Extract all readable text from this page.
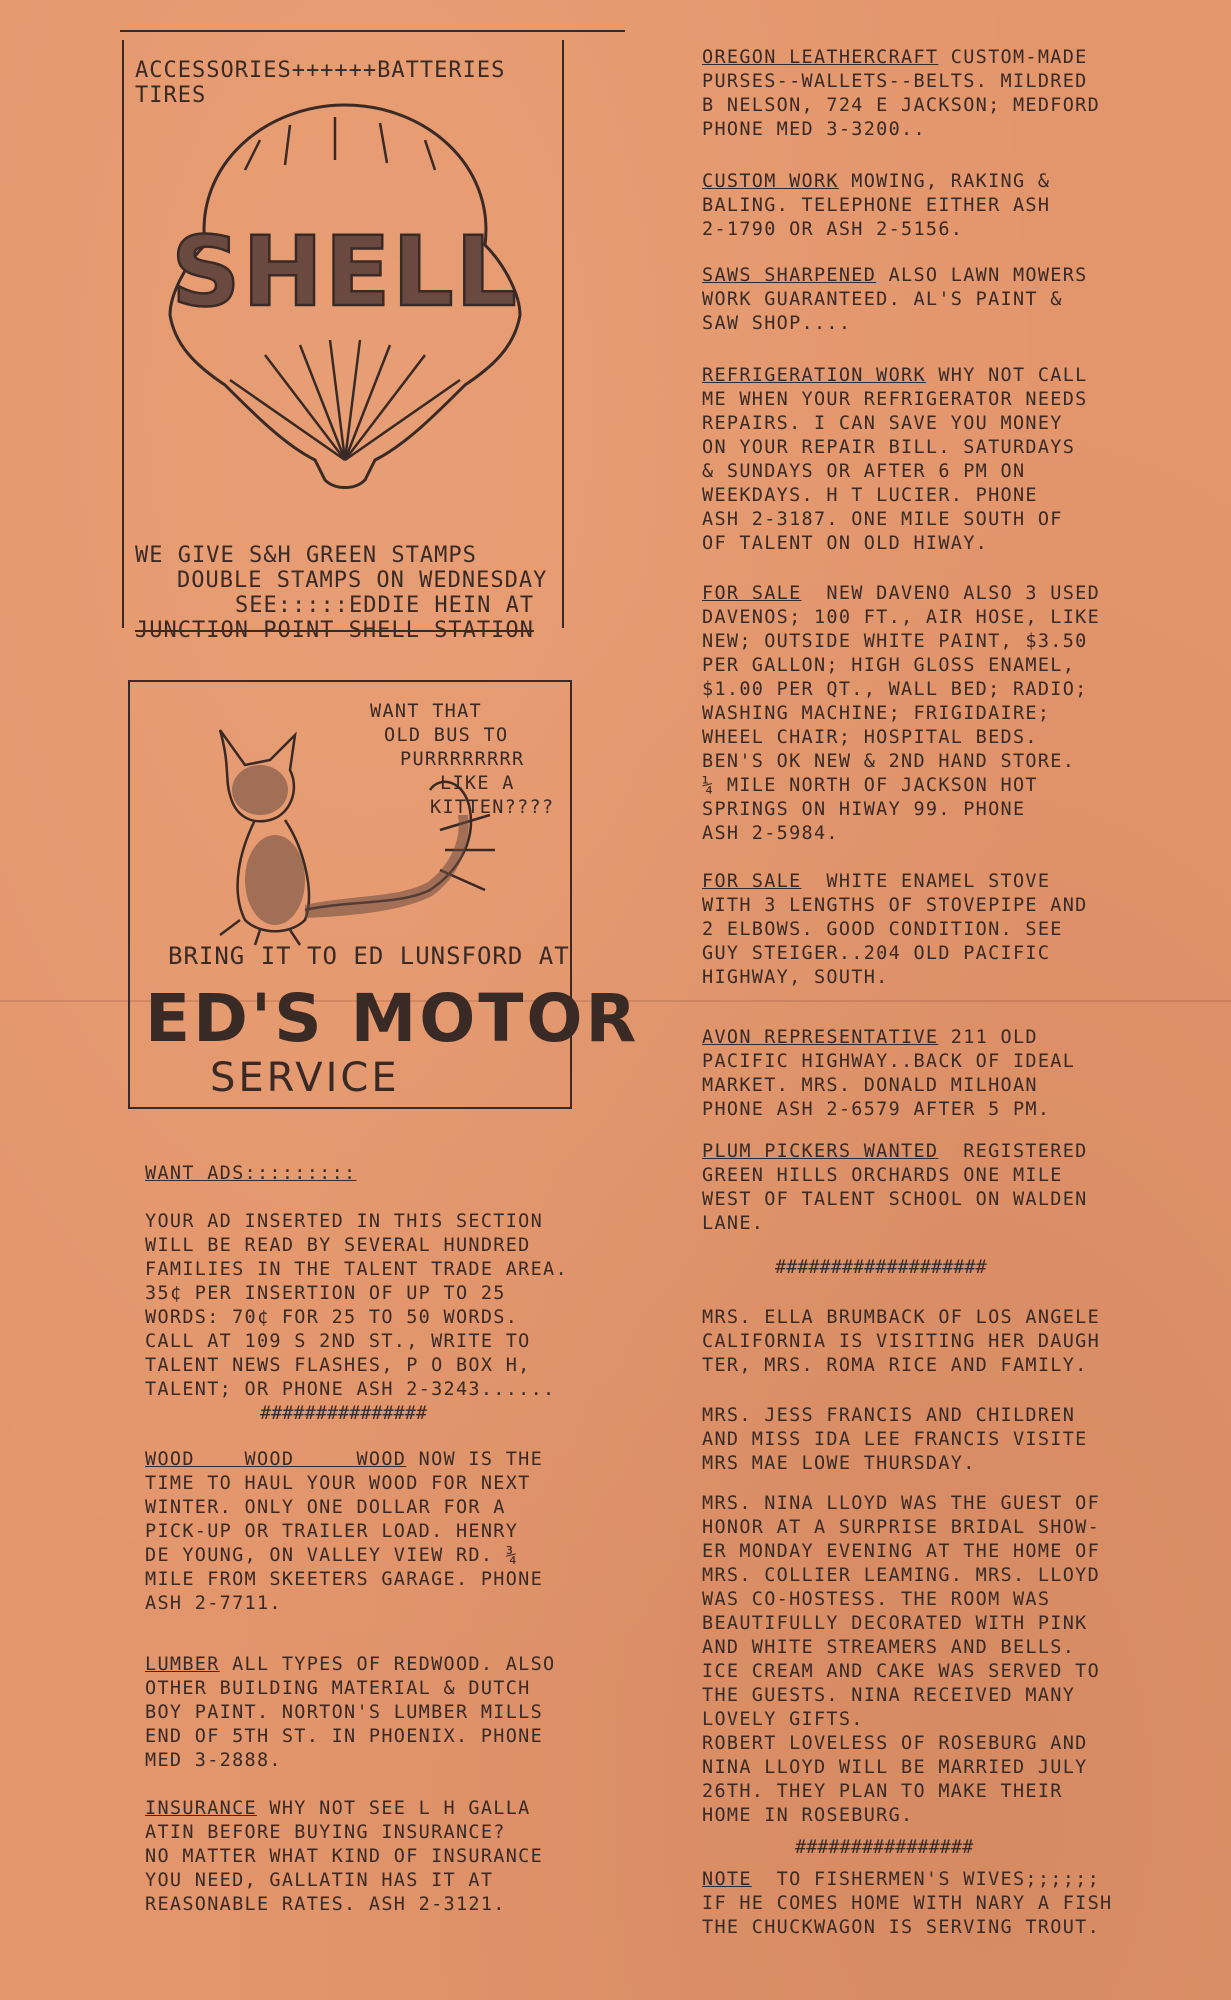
ACCESSORIES++++++BATTERIES
TIRES
SHELL
WE GIVE S&H GREEN STAMPS
DOUBLE STAMPS ON WEDNESDAY
SEE:::::EDDIE HEIN AT
JUNCTION POINT SHELL STATION
WANT THAT
OLD BUS TO
PURRRRRRRR
LIKE A
KITTEN????
BRING IT TO ED LUNSFORD AT
ED'S MOTOR
SERVICE
WANT ADS:::::::::
YOUR AD INSERTED IN THIS SECTION
WILL BE READ BY SEVERAL HUNDRED
FAMILIES IN THE TALENT TRADE AREA.
35¢ PER INSERTION OF UP TO 25
WORDS: 70¢ FOR 25 TO 50 WORDS.
CALL AT 109 S 2ND ST., WRITE TO
TALENT NEWS FLASHES, P O BOX H,
TALENT; OR PHONE ASH 2-3243......
###############
WOOD    WOOD     WOOD NOW IS THE
TIME TO HAUL YOUR WOOD FOR NEXT
WINTER. ONLY ONE DOLLAR FOR A
PICK-UP OR TRAILER LOAD. HENRY
DE YOUNG, ON VALLEY VIEW RD. ¾
MILE FROM SKEETERS GARAGE. PHONE
ASH 2-7711.
LUMBER ALL TYPES OF REDWOOD. ALSO
OTHER BUILDING MATERIAL & DUTCH
BOY PAINT. NORTON'S LUMBER MILLS
END OF 5TH ST. IN PHOENIX. PHONE
MED 3-2888.
INSURANCE WHY NOT SEE L H GALLA
ATIN BEFORE BUYING INSURANCE?
NO MATTER WHAT KIND OF INSURANCE
YOU NEED, GALLATIN HAS IT AT
REASONABLE RATES. ASH 2-3121.
OREGON LEATHERCRAFT CUSTOM-MADE
PURSES--WALLETS--BELTS. MILDRED
B NELSON, 724 E JACKSON; MEDFORD
PHONE MED 3-3200..
CUSTOM WORK MOWING, RAKING &
BALING. TELEPHONE EITHER ASH
2-1790 OR ASH 2-5156.
SAWS SHARPENED ALSO LAWN MOWERS
WORK GUARANTEED. AL'S PAINT &
SAW SHOP....
REFRIGERATION WORK WHY NOT CALL
ME WHEN YOUR REFRIGERATOR NEEDS
REPAIRS. I CAN SAVE YOU MONEY
ON YOUR REPAIR BILL. SATURDAYS
& SUNDAYS OR AFTER 6 PM ON
WEEKDAYS. H T LUCIER. PHONE
ASH 2-3187. ONE MILE SOUTH OF
OF TALENT ON OLD HIWAY.
FOR SALE  NEW DAVENO ALSO 3 USED
DAVENOS; 100 FT., AIR HOSE, LIKE
NEW; OUTSIDE WHITE PAINT, $3.50
PER GALLON; HIGH GLOSS ENAMEL,
$1.00 PER QT., WALL BED; RADIO;
WASHING MACHINE; FRIGIDAIRE;
WHEEL CHAIR; HOSPITAL BEDS.
BEN'S OK NEW & 2ND HAND STORE.
¼ MILE NORTH OF JACKSON HOT
SPRINGS ON HIWAY 99. PHONE
ASH 2-5984.
FOR SALE  WHITE ENAMEL STOVE
WITH 3 LENGTHS OF STOVEPIPE AND
2 ELBOWS. GOOD CONDITION. SEE
GUY STEIGER..204 OLD PACIFIC
HIGHWAY, SOUTH.
AVON REPRESENTATIVE 211 OLD
PACIFIC HIGHWAY..BACK OF IDEAL
MARKET. MRS. DONALD MILHOAN
PHONE ASH 2-6579 AFTER 5 PM.
PLUM PICKERS WANTED  REGISTERED
GREEN HILLS ORCHARDS ONE MILE
WEST OF TALENT SCHOOL ON WALDEN
LANE.
###################
MRS. ELLA BRUMBACK OF LOS ANGELE
CALIFORNIA IS VISITING HER DAUGH
TER, MRS. ROMA RICE AND FAMILY.
MRS. JESS FRANCIS AND CHILDREN
AND MISS IDA LEE FRANCIS VISITE
MRS MAE LOWE THURSDAY.
MRS. NINA LLOYD WAS THE GUEST OF
HONOR AT A SURPRISE BRIDAL SHOW-
ER MONDAY EVENING AT THE HOME OF
MRS. COLLIER LEAMING. MRS. LLOYD
WAS CO-HOSTESS. THE ROOM WAS
BEAUTIFULLY DECORATED WITH PINK
AND WHITE STREAMERS AND BELLS.
ICE CREAM AND CAKE WAS SERVED TO
THE GUESTS. NINA RECEIVED MANY
LOVELY GIFTS.
ROBERT LOVELESS OF ROSEBURG AND
NINA LLOYD WILL BE MARRIED JULY
26TH. THEY PLAN TO MAKE THEIR
HOME IN ROSEBURG.
################
NOTE  TO FISHERMEN'S WIVES;;;;;;
IF HE COMES HOME WITH NARY A FISH
THE CHUCKWAGON IS SERVING TROUT.
